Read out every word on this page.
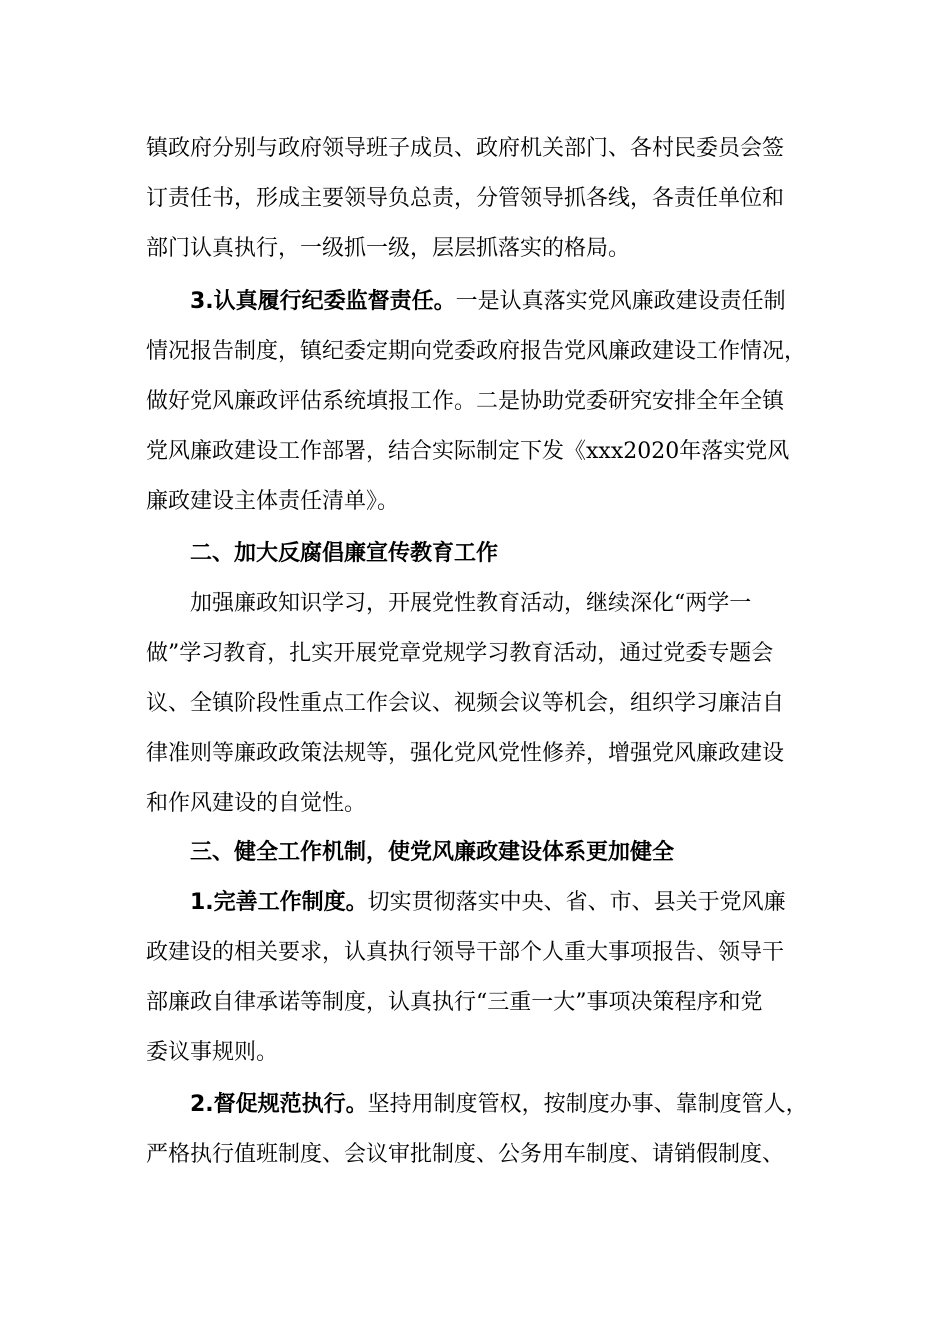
镇政府分别与政府领导班子成员、政府机关部门、各村民委员会签

订责任书，形成主要领导负总责，分管领导抓各线，各责任单位和

部门认真执行，一级抓一级，层层抓落实的格局。

3.认真履行纪委监督责任。一是认真落实党风廉政建设责任制

情况报告制度，镇纪委定期向党委政府报告党风廉政建设工作情况，

做好党风廉政评估系统填报工作。二是协助党委研究安排全年全镇

党风廉政建设工作部署，结合实际制定下发《xxx2020年落实党风

廉政建设主体责任清单》。

二、加大反腐倡廉宣传教育工作

加强廉政知识学习，开展党性教育活动，继续深化“两学一

做”学习教育，扎实开展党章党规学习教育活动，通过党委专题会

议、全镇阶段性重点工作会议、视频会议等机会，组织学习廉洁自

律准则等廉政政策法规等，强化党风党性修养，增强党风廉政建设

和作风建设的自觉性。

三、健全工作机制，使党风廉政建设体系更加健全

1.完善工作制度。切实贯彻落实中央、省、市、县关于党风廉

政建设的相关要求，认真执行领导干部个人重大事项报告、领导干

部廉政自律承诺等制度，认真执行“三重一大”事项决策程序和党

委议事规则。

2.督促规范执行。坚持用制度管权，按制度办事、靠制度管人，

严格执行值班制度、会议审批制度、公务用车制度、请销假制度、
